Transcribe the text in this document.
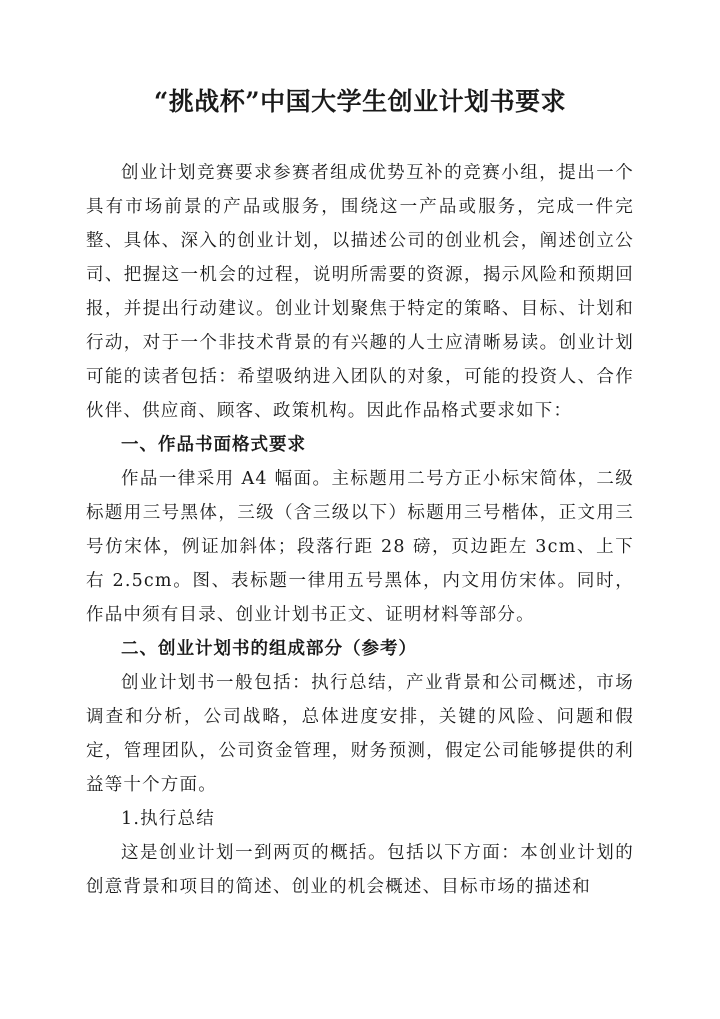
“挑战杯”中国大学生创业计划书要求

创业计划竞赛要求参赛者组成优势互补的竞赛小组，提出一个具有市场前景的产品或服务，围绕这一产品或服务，完成一件完整、具体、深入的创业计划，以描述公司的创业机会，阐述创立公司、把握这一机会的过程，说明所需要的资源，揭示风险和预期回报，并提出行动建议。创业计划聚焦于特定的策略、目标、计划和行动，对于一个非技术背景的有兴趣的人士应清晰易读。创业计划可能的读者包括：希望吸纳进入团队的对象，可能的投资人、合作伙伴、供应商、顾客、政策机构。因此作品格式要求如下：

一、作品书面格式要求

作品一律采用 A4 幅面。主标题用二号方正小标宋简体，二级标题用三号黑体，三级（含三级以下）标题用三号楷体，正文用三号仿宋体，例证加斜体；段落行距 28 磅，页边距左 3cm、上下右 2.5cm。图、表标题一律用五号黑体，内文用仿宋体。同时，作品中须有目录、创业计划书正文、证明材料等部分。

二、创业计划书的组成部分（参考）

创业计划书一般包括：执行总结，产业背景和公司概述，市场调查和分析，公司战略，总体进度安排，关键的风险、问题和假定，管理团队，公司资金管理，财务预测，假定公司能够提供的利益等十个方面。

1.执行总结

这是创业计划一到两页的概括。包括以下方面：本创业计划的创意背景和项目的简述、创业的机会概述、目标市场的描述和
